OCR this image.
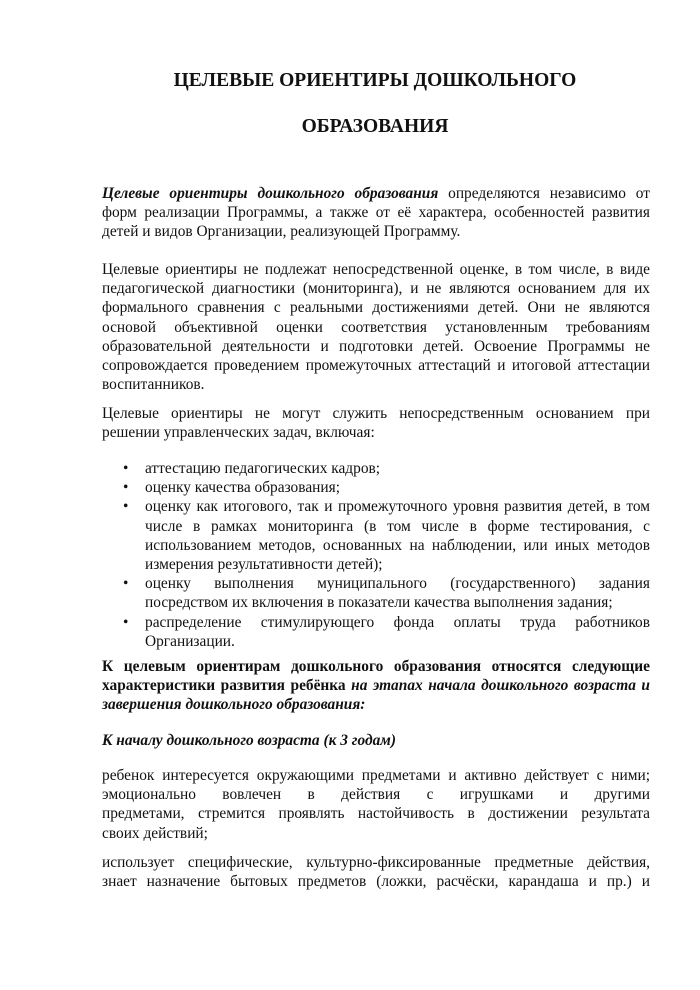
ЦЕЛЕВЫЕ ОРИЕНТИРЫ ДОШКОЛЬНОГО
ОБРАЗОВАНИЯ
Целевые ориентиры дошкольного образования определяются независимо от форм реализации Программы, а также от её характера, особенностей развития детей и видов Организации, реализующей Программу.
Целевые ориентиры не подлежат непосредственной оценке, в том числе, в виде педагогической диагностики (мониторинга), и не являются основанием для их формального сравнения с реальными достижениями детей. Они не являются основой объективной оценки соответствия установленным требованиям образовательной деятельности и подготовки детей. Освоение Программы не сопровождается проведением промежуточных аттестаций и итоговой аттестации воспитанников.
Целевые ориентиры не могут служить непосредственным основанием при решении управленческих задач, включая:
• аттестацию педагогических кадров;
• оценку качества образования;
• оценку как итогового, так и промежуточного уровня развития детей, в том числе в рамках мониторинга (в том числе в форме тестирования, с использованием методов, основанных на наблюдении, или иных методов измерения результативности детей);
• оценку выполнения муниципального (государственного) задания посредством их включения в показатели качества выполнения задания;
• распределение стимулирующего фонда оплаты труда работников Организации.
К целевым ориентирам дошкольного образования относятся следующие характеристики развития ребёнка на этапах начала дошкольного возраста и завершения дошкольного образования:
К началу дошкольного возраста (к 3 годам)
ребенок интересуется окружающими предметами и активно действует с ними;
эмоционально вовлечен в действия с игрушками и другими
предметами, стремится проявлять настойчивость в достижении результата
своих действий;
использует специфические, культурно-фиксированные предметные действия,
знает назначение бытовых предметов (ложки, расчёски, карандаша и пр.) и
